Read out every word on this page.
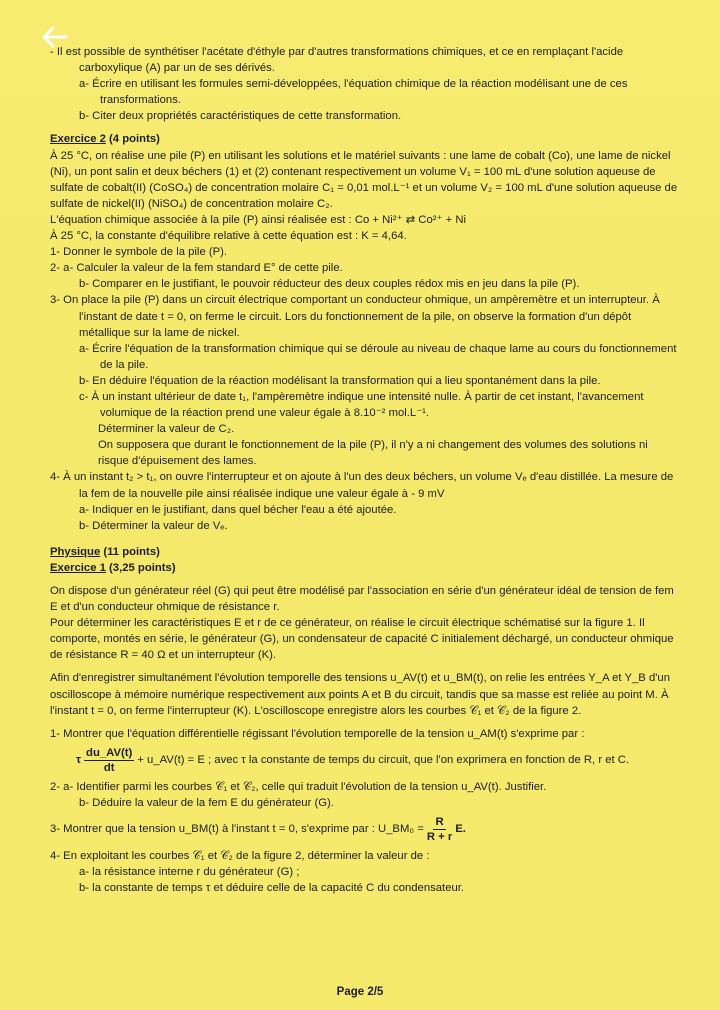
- Il est possible de synthétiser l'acétate d'éthyle par d'autres transformations chimiques, et ce en remplaçant l'acide carboxylique (A) par un de ses dérivés.

a- Écrire en utilisant les formules semi-développées, l'équation chimique de la réaction modélisant une de ces transformations.

b- Citer deux propriétés caractéristiques de cette transformation.

Exercice 2 (4 points)

À 25 °C, on réalise une pile (P) en utilisant les solutions et le matériel suivants : une lame de cobalt (Co), une lame de nickel (Ni), un pont salin et deux béchers (1) et (2) contenant respectivement un volume V₁ = 100 mL d'une solution aqueuse de sulfate de cobalt(II) (CoSO₄) de concentration molaire C₁ = 0,01 mol.L⁻¹ et un volume V₂ = 100 mL d'une solution aqueuse de sulfate de nickel(II) (NiSO₄) de concentration molaire C₂.

L'équation chimique associée à la pile (P) ainsi réalisée est : Co + Ni²⁺ ⇄ Co²⁺ + Ni

À 25 °C, la constante d'équilibre relative à cette équation est : K = 4,64.

1- Donner le symbole de la pile (P).

2- a- Calculer la valeur de la fem standard E° de cette pile.

b- Comparer en le justifiant, le pouvoir réducteur des deux couples rédox mis en jeu dans la pile (P).

3- On place la pile (P) dans un circuit électrique comportant un conducteur ohmique, un ampèremètre et un interrupteur. À l'instant de date t = 0, on ferme le circuit. Lors du fonctionnement de la pile, on observe la formation d'un dépôt métallique sur la lame de nickel.

a- Écrire l'équation de la transformation chimique qui se déroule au niveau de chaque lame au cours du fonctionnement de la pile.

b- En déduire l'équation de la réaction modélisant la transformation qui a lieu spontanément dans la pile.

c- À un instant ultérieur de date t₁, l'ampèremètre indique une intensité nulle. À partir de cet instant, l'avancement volumique de la réaction prend une valeur égale à 8.10⁻² mol.L⁻¹.

Déterminer la valeur de C₂.

On supposera que durant le fonctionnement de la pile (P), il n'y a ni changement des volumes des solutions ni risque d'épuisement des lames.

4- À un instant t₂ > t₁, on ouvre l'interrupteur et on ajoute à l'un des deux béchers, un volume Vₑ d'eau distillée. La mesure de la fem de la nouvelle pile ainsi réalisée indique une valeur égale à - 9 mV

a- Indiquer en le justifiant, dans quel bécher l'eau a été ajoutée.

b- Déterminer la valeur de Vₑ.

Physique (11 points)

Exercice 1 (3,25 points)

On dispose d'un générateur réel (G) qui peut être modélisé par l'association en série d'un générateur idéal de tension de fem E et d'un conducteur ohmique de résistance r.

Pour déterminer les caractéristiques E et r de ce générateur, on réalise le circuit électrique schématisé sur la figure 1. Il comporte, montés en série, le générateur (G), un condensateur de capacité C initialement déchargé, un conducteur ohmique de résistance R = 40 Ω et un interrupteur (K).

Afin d'enregistrer simultanément l'évolution temporelle des tensions u_AV(t) et u_BM(t), on relie les entrées Y_A et Y_B d'un oscilloscope à mémoire numérique respectivement aux points A et B du circuit, tandis que sa masse est reliée au point M. À l'instant t = 0, on ferme l'interrupteur (K). L'oscilloscope enregistre alors les courbes 𝒞₁ et 𝒞₂ de la figure 2.

1- Montrer que l'équation différentielle régissant l'évolution temporelle de la tension u_AM(t) s'exprime par :

τ $\frac{du\_AV(t)}{dt}$ + u_AV(t) = E ; avec τ la constante de temps du circuit, que l'on exprimera en fonction de R, r et C.

2- a- Identifier parmi les courbes 𝒞₁ et 𝒞₂, celle qui traduit l'évolution de la tension u_AV(t). Justifier.

b- Déduire la valeur de la fem E du générateur (G).

3- Montrer que la tension u_BM(t) à l'instant t = 0, s'exprime par : U_BM₀ = $\frac{R}{R + r} E$.

4- En exploitant les courbes 𝒞₁ et 𝒞₂ de la figure 2, déterminer la valeur de :

a- la résistance interne r du générateur (G) ;

b- la constante de temps τ et déduire celle de la capacité C du condensateur.

Page 2/5
